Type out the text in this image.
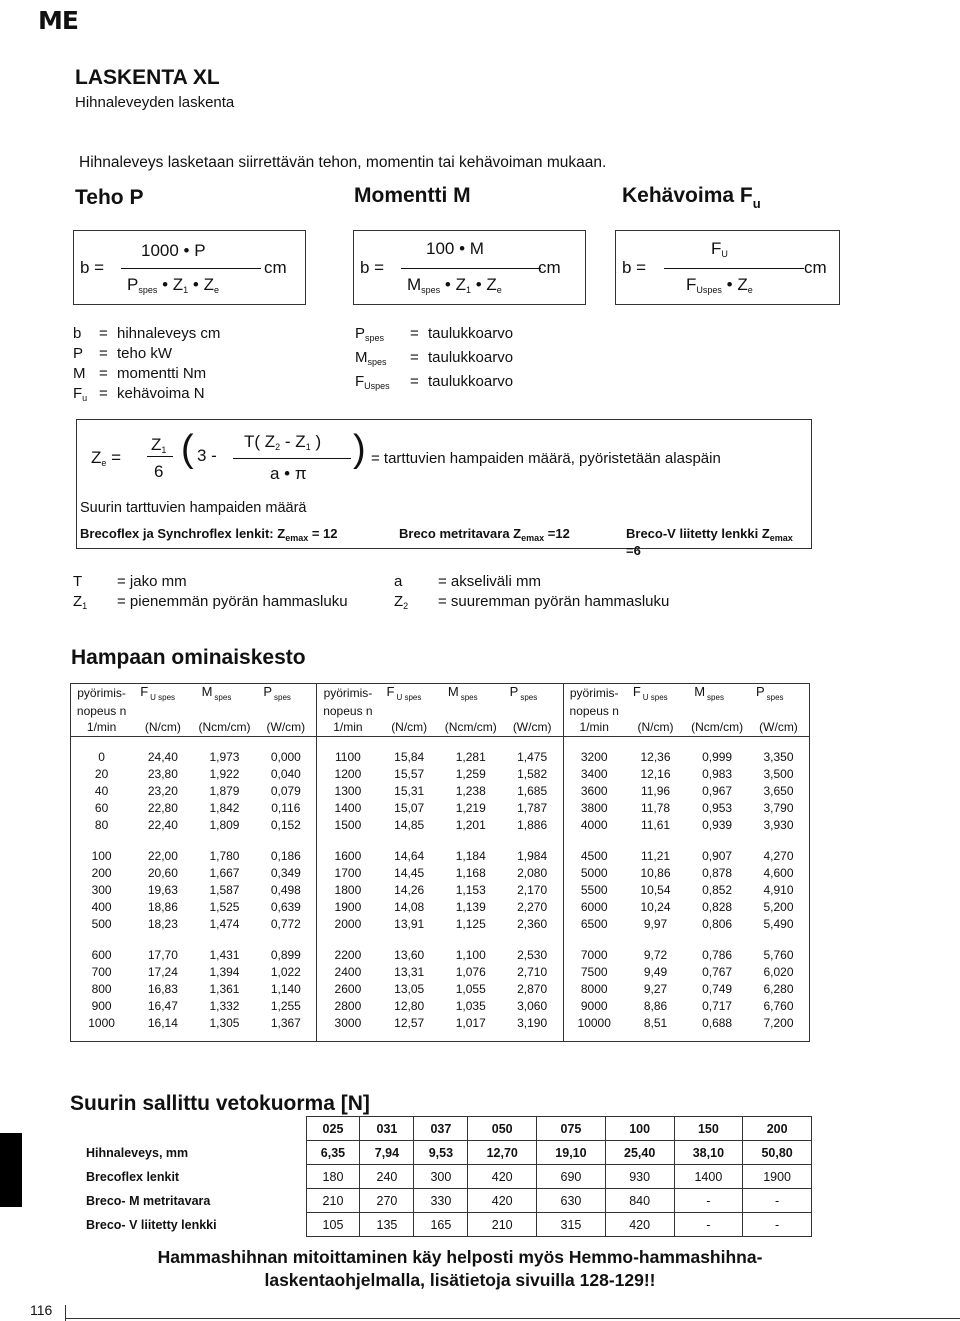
ME
LASKENTA XL
Hihnaleveyden laskenta
Hihnaleveys lasketaan siirrettävän tehon, momentin tai kehävoiman mukaan.
Teho P	Momentti M	Kehävoima $F_u$
b =
1000 • P
$P_{spes}$ • $Z_1$ • $Z_e$
cm	b =
100 • M
$M_{spes}$ • $Z_1$ • $Z_e$
cm	b =
$F_U$
$F_{Uspes}$ • $Z_e$
cm
b = hihnaleveys cm
P = teho kW
M = momentti Nm
Fu = kehävoima N
Pspes = taulukkoarvo
Mspes = taulukkoarvo
FUspes = taulukkoarvo
$Z_e$ =
$Z_1$
6
( 3 -
T( $Z_2 - Z_1$ )
a • π
) = tarttuvien hampaiden määrä, pyöristetään alaspäin
Suurin tarttuvien hampaiden määrä
Brecoflex ja Synchroflex lenkit: $Z_{emax} = 12$	Breco metritavara $Z_{emax} =12$	Breco-V liitetty lenkki $Z_{emax} =6$
T = jako mm
Z1 = pienemmän pyörän hammasluku
a = akseliväli mm
Z2 = suuremman pyörän hammasluku
Hampaan ominaiskesto
pyörimis-	F $_{U spes}$	M $_{spes}$	P $_{spes}$	pyörimis-	F $_{U spes}$	M $_{spes}$	P $_{spes}$	pyörimis-	F $_{U spes}$	M $_{spes}$	P $_{spes}$
nopeus n				nopeus n				nopeus n			
1/min	(N/cm)	(Ncm/cm)	(W/cm)	1/min	(N/cm)	(Ncm/cm)	(W/cm)	1/min	(N/cm)	(Ncm/cm)	(W/cm)

0	24,40	1,973	0,000	1100	15,84	1,281	1,475	3200	12,36	0,999	3,350
20	23,80	1,922	0,040	1200	15,57	1,259	1,582	3400	12,16	0,983	3,500
40	23,20	1,879	0,079	1300	15,31	1,238	1,685	3600	11,96	0,967	3,650
60	22,80	1,842	0,116	1400	15,07	1,219	1,787	3800	11,78	0,953	3,790
80	22,40	1,809	0,152	1500	14,85	1,201	1,886	4000	11,61	0,939	3,930

100	22,00	1,780	0,186	1600	14,64	1,184	1,984	4500	11,21	0,907	4,270
200	20,60	1,667	0,349	1700	14,45	1,168	2,080	5000	10,86	0,878	4,600
300	19,63	1,587	0,498	1800	14,26	1,153	2,170	5500	10,54	0,852	4,910
400	18,86	1,525	0,639	1900	14,08	1,139	2,270	6000	10,24	0,828	5,200
500	18,23	1,474	0,772	2000	13,91	1,125	2,360	6500	9,97	0,806	5,490

600	17,70	1,431	0,899	2200	13,60	1,100	2,530	7000	9,72	0,786	5,760
700	17,24	1,394	1,022	2400	13,31	1,076	2,710	7500	9,49	0,767	6,020
800	16,83	1,361	1,140	2600	13,05	1,055	2,870	8000	9,27	0,749	6,280
900	16,47	1,332	1,255	2800	12,80	1,035	3,060	9000	8,86	0,717	6,760
1000	16,14	1,305	1,367	3000	12,57	1,017	3,190	10000	8,51	0,688	7,200

Suurin sallittu vetokuorma [N]
	025	031	037	050	075	100	150	200
Hihnaleveys, mm	6,35	7,94	9,53	12,70	19,10	25,40	38,10	50,80
Brecoflex lenkit	180	240	300	420	690	930	1400	1900
Breco- M metritavara	210	270	330	420	630	840	-	-
Breco- V liitetty lenkki	105	135	165	210	315	420	-	-
Hammashihnan mitoittaminen käy helposti myös Hemmo-hammashihna-
laskentaohjelmalla, lisätietoja sivuilla 128-129!!
116
